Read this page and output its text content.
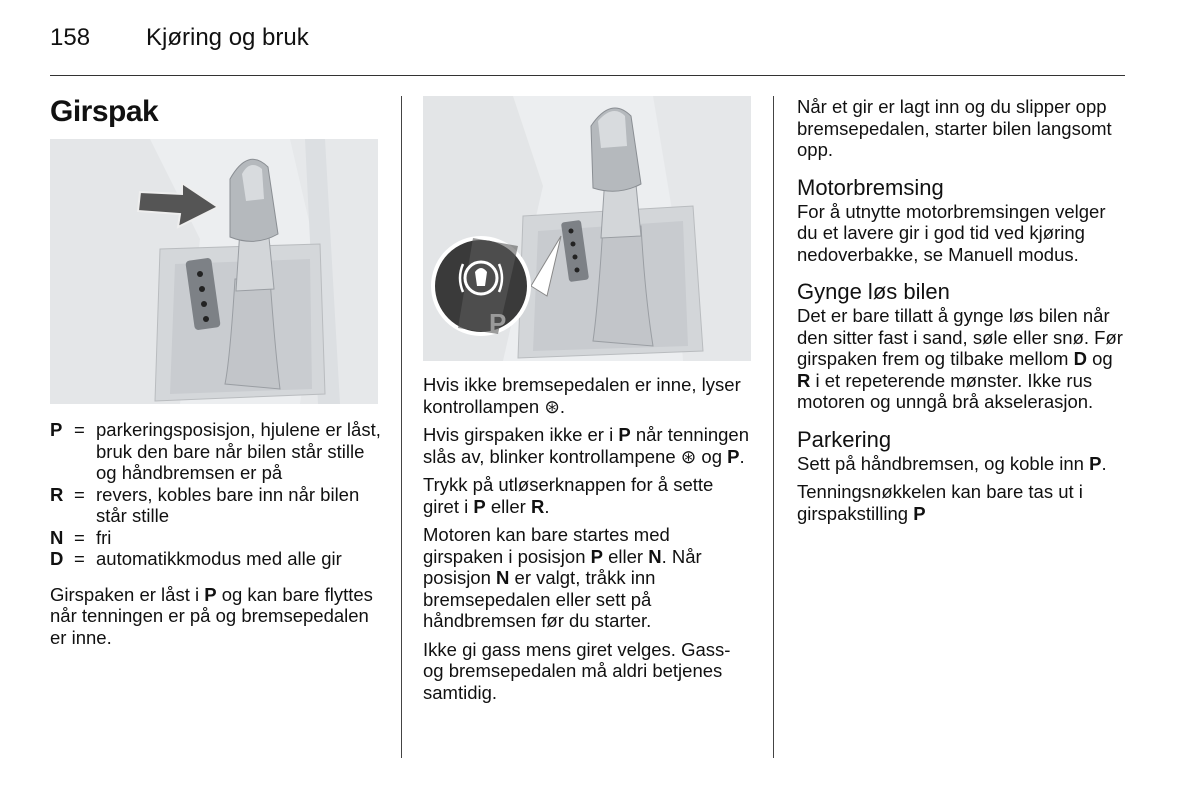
158 Kjøring og bruk
Girspak
P = parkeringsposisjon, hjulene er låst, bruk den bare når bilen står stille og håndbremsen er på
R = revers, kobles bare inn når bilen står stille
N = fri
D = automatikkmodus med alle gir

Girspaken er låst i P og kan bare flyttes når tenningen er på og bremsepedalen er inne.

P

Hvis ikke bremsepedalen er inne, lyser kontrollampen ⊛.

Hvis girspaken ikke er i P når tenningen slås av, blinker kontrollampene ⊛ og P.

Trykk på utløserknappen for å sette giret i P eller R.

Motoren kan bare startes med girspaken i posisjon P eller N. Når posisjon N er valgt, tråkk inn bremsepedalen eller sett på håndbremsen før du starter.

Ikke gi gass mens giret velges. Gass- og bremsepedalen må aldri betjenes samtidig.

Når et gir er lagt inn og du slipper opp bremsepedalen, starter bilen langsomt opp.

Motorbremsing

For å utnytte motorbremsingen velger du et lavere gir i god tid ved kjøring nedoverbakke, se Manuell modus.

Gynge løs bilen

Det er bare tillatt å gynge løs bilen når den sitter fast i sand, søle eller snø. Før girspaken frem og tilbake mellom D og R i et repeterende mønster. Ikke rus motoren og unngå brå akselerasjon.

Parkering

Sett på håndbremsen, og koble inn P.

Tenningsnøkkelen kan bare tas ut i girspakstilling P
